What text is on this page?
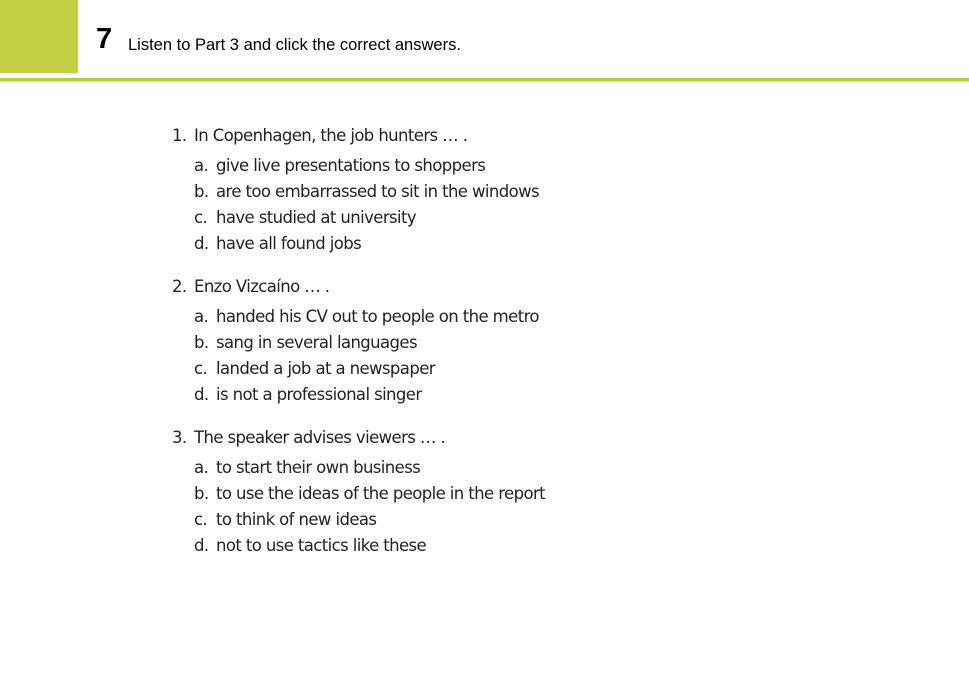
7 Listen to Part 3 and click the correct answers.
1. In Copenhagen, the job hunters … .
a. give live presentations to shoppers
b. are too embarrassed to sit in the windows
c. have studied at university
d. have all found jobs
2. Enzo Vizcaíno … .
a. handed his CV out to people on the metro
b. sang in several languages
c. landed a job at a newspaper
d. is not a professional singer
3. The speaker advises viewers … .
a. to start their own business
b. to use the ideas of the people in the report
c. to think of new ideas
d. not to use tactics like these
